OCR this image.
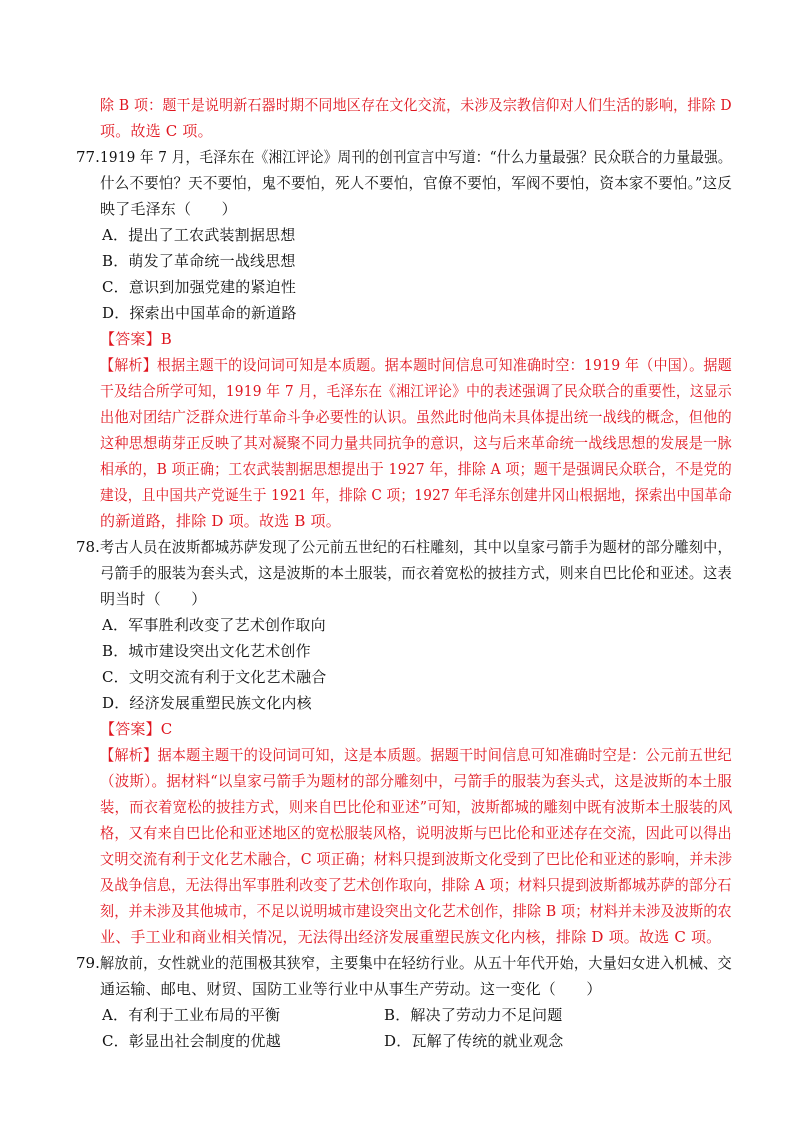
除 B 项：题干是说明新石器时期不同地区存在文化交流，未涉及宗教信仰对人们生活的影响，排除 D
项。故选 C 项。
77. 1919 年 7 月，毛泽东在《湘江评论》周刊的创刊宣言中写道：“什么力量最强？民众联合的力量最强。
什么不要怕？天不要怕，鬼不要怕，死人不要怕，官僚不要怕，军阀不要怕，资本家不要怕。”这反
映了毛泽东（　　）
A．提出了工农武装割据思想
B．萌发了革命统一战线思想
C．意识到加强党建的紧迫性
D．探索出中国革命的新道路
【答案】B
【解析】根据主题干的设问词可知是本质题。据本题时间信息可知准确时空：1919 年（中国）。据题
干及结合所学可知，1919 年 7 月，毛泽东在《湘江评论》中的表述强调了民众联合的重要性，这显示
出他对团结广泛群众进行革命斗争必要性的认识。虽然此时他尚未具体提出统一战线的概念，但他的
这种思想萌芽正反映了其对凝聚不同力量共同抗争的意识，这与后来革命统一战线思想的发展是一脉
相承的，B 项正确；工农武装割据思想提出于 1927 年，排除 A 项；题干是强调民众联合，不是党的
建设，且中国共产党诞生于 1921 年，排除 C 项；1927 年毛泽东创建井冈山根据地，探索出中国革命
的新道路，排除 D 项。故选 B 项。
78. 考古人员在波斯都城苏萨发现了公元前五世纪的石柱雕刻，其中以皇家弓箭手为题材的部分雕刻中，
弓箭手的服装为套头式，这是波斯的本土服装，而衣着宽松的披挂方式，则来自巴比伦和亚述。这表
明当时（　　）
A．军事胜利改变了艺术创作取向
B．城市建设突出文化艺术创作
C．文明交流有利于文化艺术融合
D．经济发展重塑民族文化内核
【答案】C
【解析】据本题主题干的设问词可知，这是本质题。据题干时间信息可知准确时空是：公元前五世纪
（波斯）。据材料“以皇家弓箭手为题材的部分雕刻中，弓箭手的服装为套头式，这是波斯的本土服
装，而衣着宽松的披挂方式，则来自巴比伦和亚述”可知，波斯都城的雕刻中既有波斯本土服装的风
格，又有来自巴比伦和亚述地区的宽松服装风格，说明波斯与巴比伦和亚述存在交流，因此可以得出
文明交流有利于文化艺术融合，C 项正确；材料只提到波斯文化受到了巴比伦和亚述的影响，并未涉
及战争信息，无法得出军事胜利改变了艺术创作取向，排除 A 项；材料只提到波斯都城苏萨的部分石
刻，并未涉及其他城市，不足以说明城市建设突出文化艺术创作，排除 B 项；材料并未涉及波斯的农
业、手工业和商业相关情况，无法得出经济发展重塑民族文化内核，排除 D 项。故选 C 项。
79. 解放前，女性就业的范围极其狭窄，主要集中在轻纺行业。从五十年代开始，大量妇女进入机械、交
通运输、邮电、财贸、国防工业等行业中从事生产劳动。这一变化（　　）
A．有利于工业布局的平衡	B．解决了劳动力不足问题
C．彰显出社会制度的优越	D．瓦解了传统的就业观念
